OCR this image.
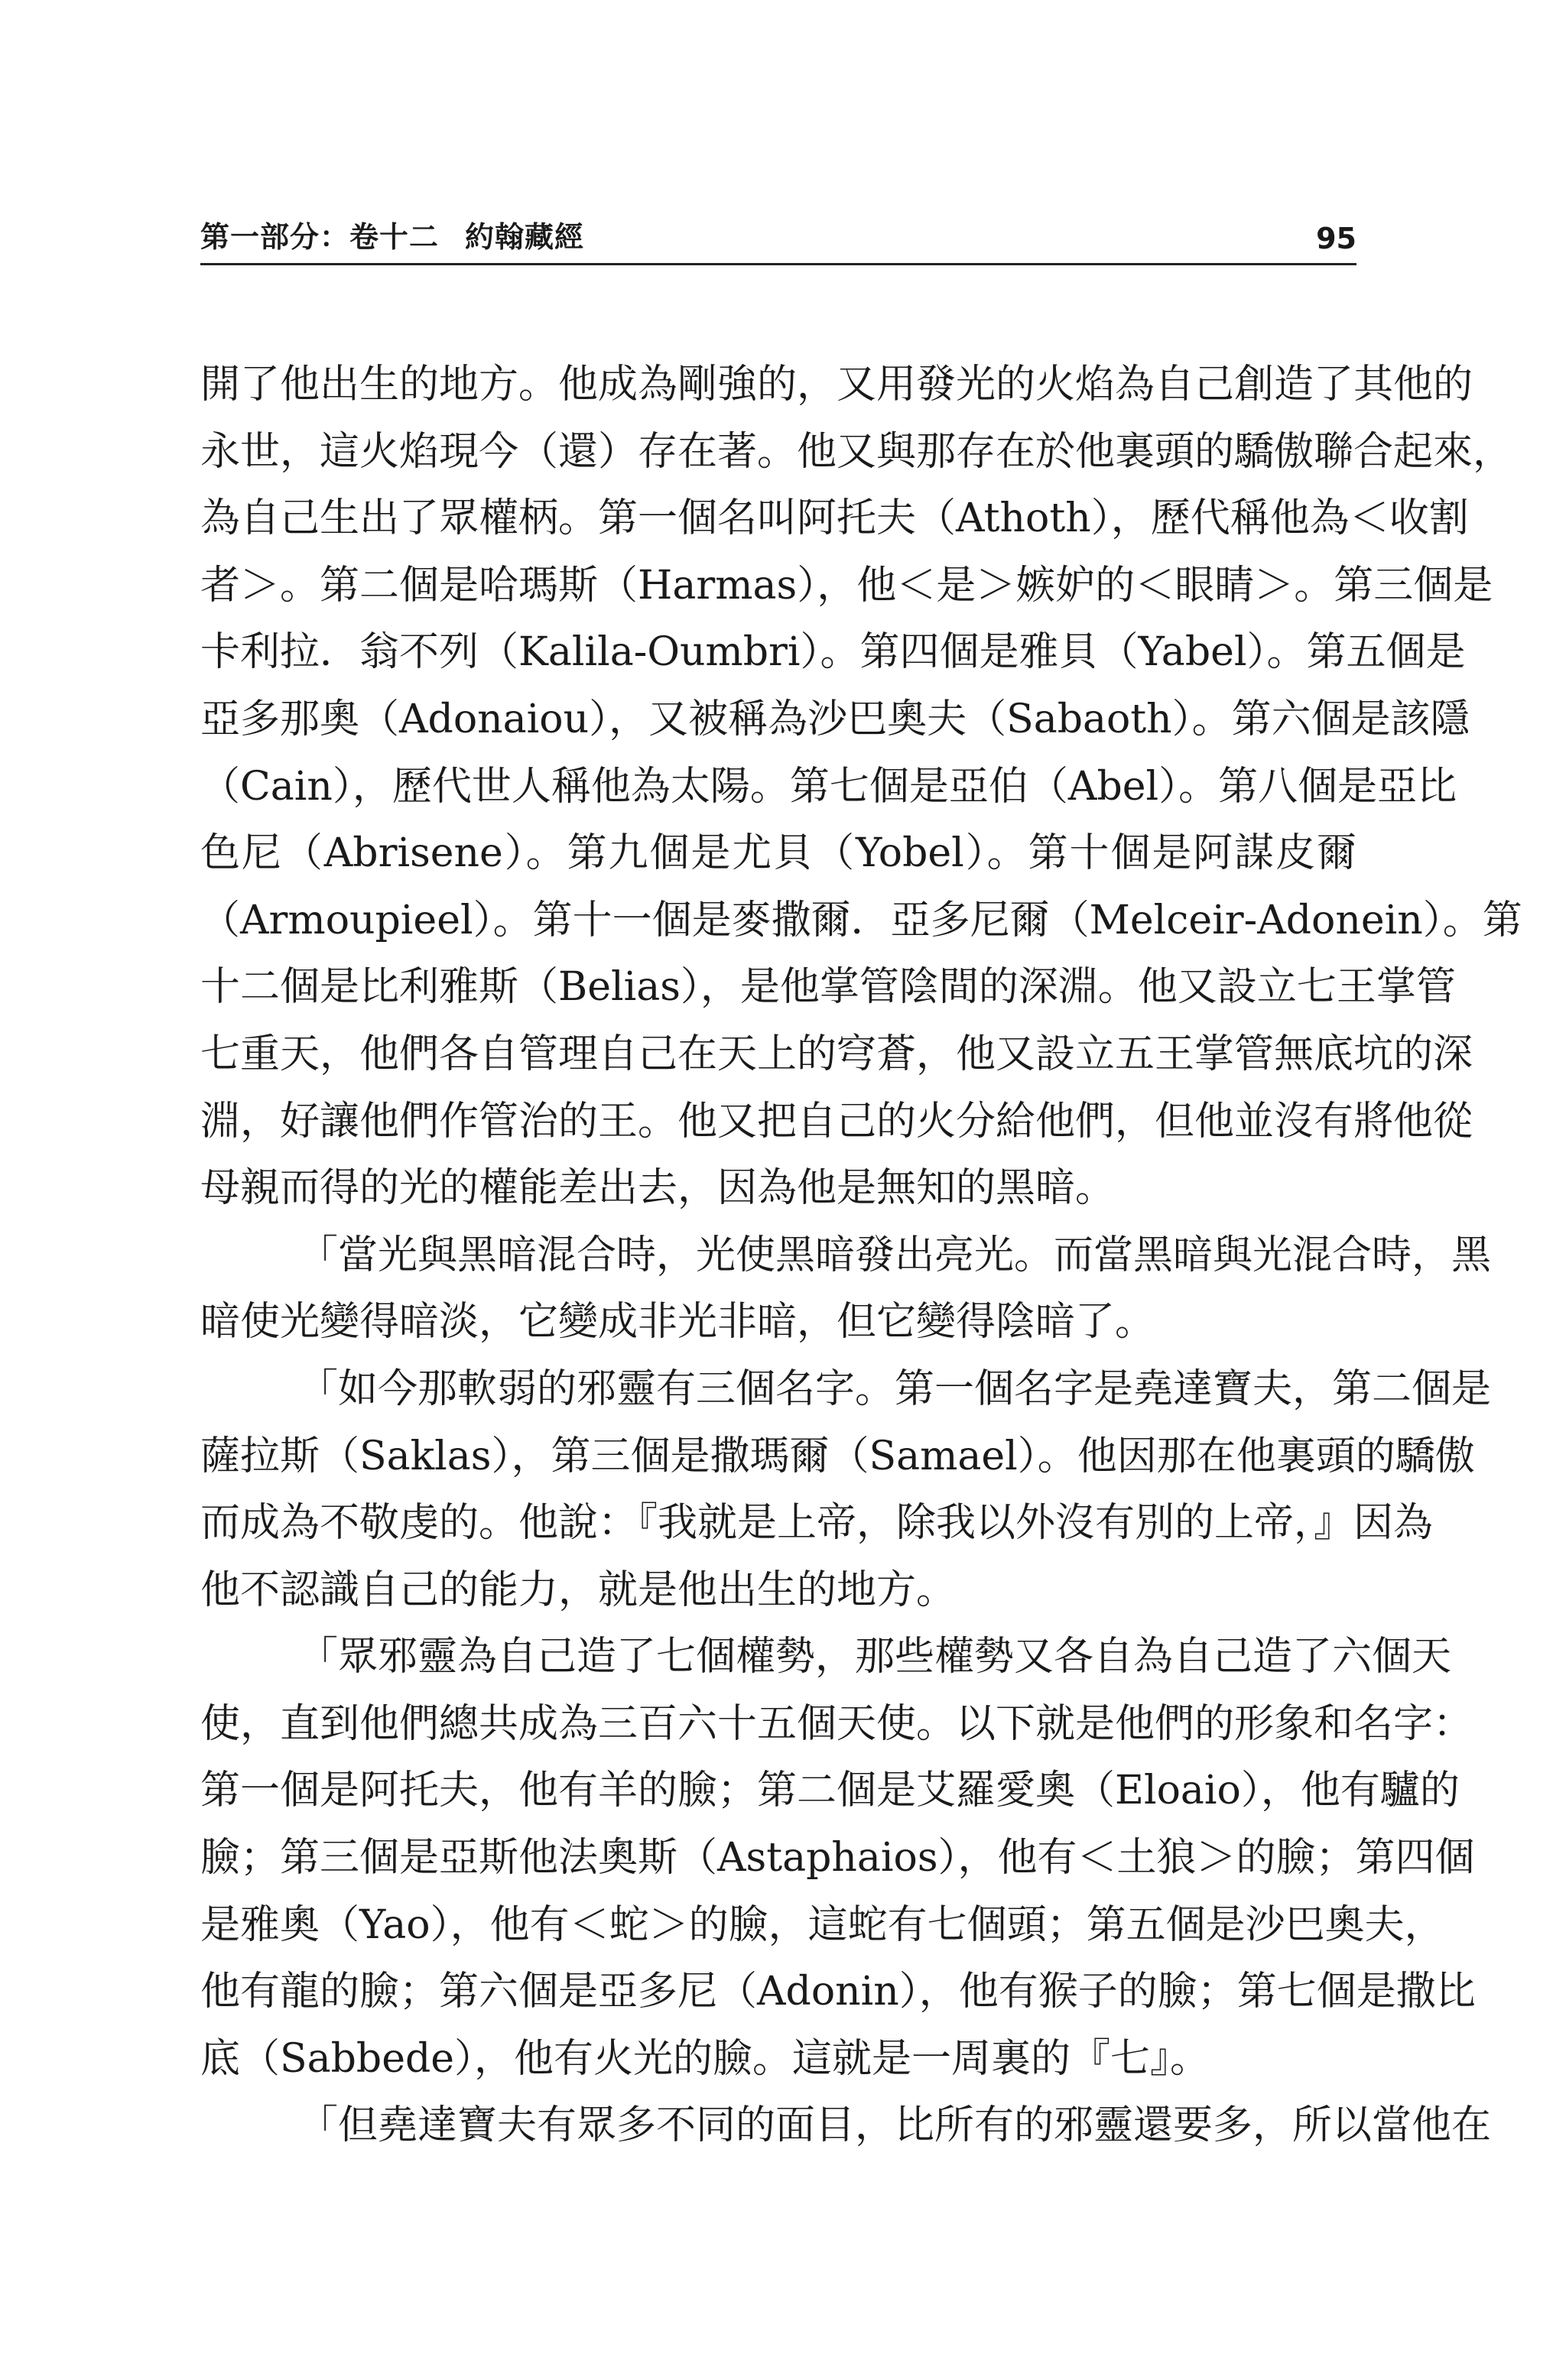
第一部分：卷十二 約翰藏經	95
開了他出生的地方。他成為剛強的，又用發光的火焰為自己創造了其他的
永世，這火焰現今（還）存在著。他又與那存在於他裏頭的驕傲聯合起來，
為自己生出了眾權柄。第一個名叫阿托夫（Athoth），歷代稱他為＜收割
者＞。第二個是哈瑪斯（Harmas），他＜是＞嫉妒的＜眼睛＞。第三個是
卡利拉．翁不列（Kalila-Oumbri）。第四個是雅貝（Yabel）。第五個是
亞多那奧（Adonaiou），又被稱為沙巴奧夫（Sabaoth）。第六個是該隱
（Cain），歷代世人稱他為太陽。第七個是亞伯（Abel）。第八個是亞比
色尼（Abrisene）。第九個是尤貝（Yobel）。第十個是阿謀皮爾
（Armoupieel）。第十一個是麥撒爾．亞多尼爾（Melceir-Adonein）。第
十二個是比利雅斯（Belias），是他掌管陰間的深淵。他又設立七王掌管
七重天，他們各自管理自己在天上的穹蒼，他又設立五王掌管無底坑的深
淵，好讓他們作管治的王。他又把自己的火分給他們，但他並沒有將他從
母親而得的光的權能差出去，因為他是無知的黑暗。
「當光與黑暗混合時，光使黑暗發出亮光。而當黑暗與光混合時，黑
暗使光變得暗淡，它變成非光非暗，但它變得陰暗了。
「如今那軟弱的邪靈有三個名字。第一個名字是堯達寶夫，第二個是
薩拉斯（Saklas），第三個是撒瑪爾（Samael）。他因那在他裏頭的驕傲
而成為不敬虔的。他說：『我就是上帝，除我以外沒有別的上帝，』因為
他不認識自己的能力，就是他出生的地方。
「眾邪靈為自己造了七個權勢，那些權勢又各自為自己造了六個天
使，直到他們總共成為三百六十五個天使。以下就是他們的形象和名字：
第一個是阿托夫，他有羊的臉；第二個是艾羅愛奧（Eloaio），他有驢的
臉；第三個是亞斯他法奧斯（Astaphaios），他有＜土狼＞的臉；第四個
是雅奧（Yao），他有＜蛇＞的臉，這蛇有七個頭；第五個是沙巴奧夫，
他有龍的臉；第六個是亞多尼（Adonin），他有猴子的臉；第七個是撒比
底（Sabbede），他有火光的臉。這就是一周裏的『七』。
「但堯達寶夫有眾多不同的面目，比所有的邪靈還要多，所以當他在
